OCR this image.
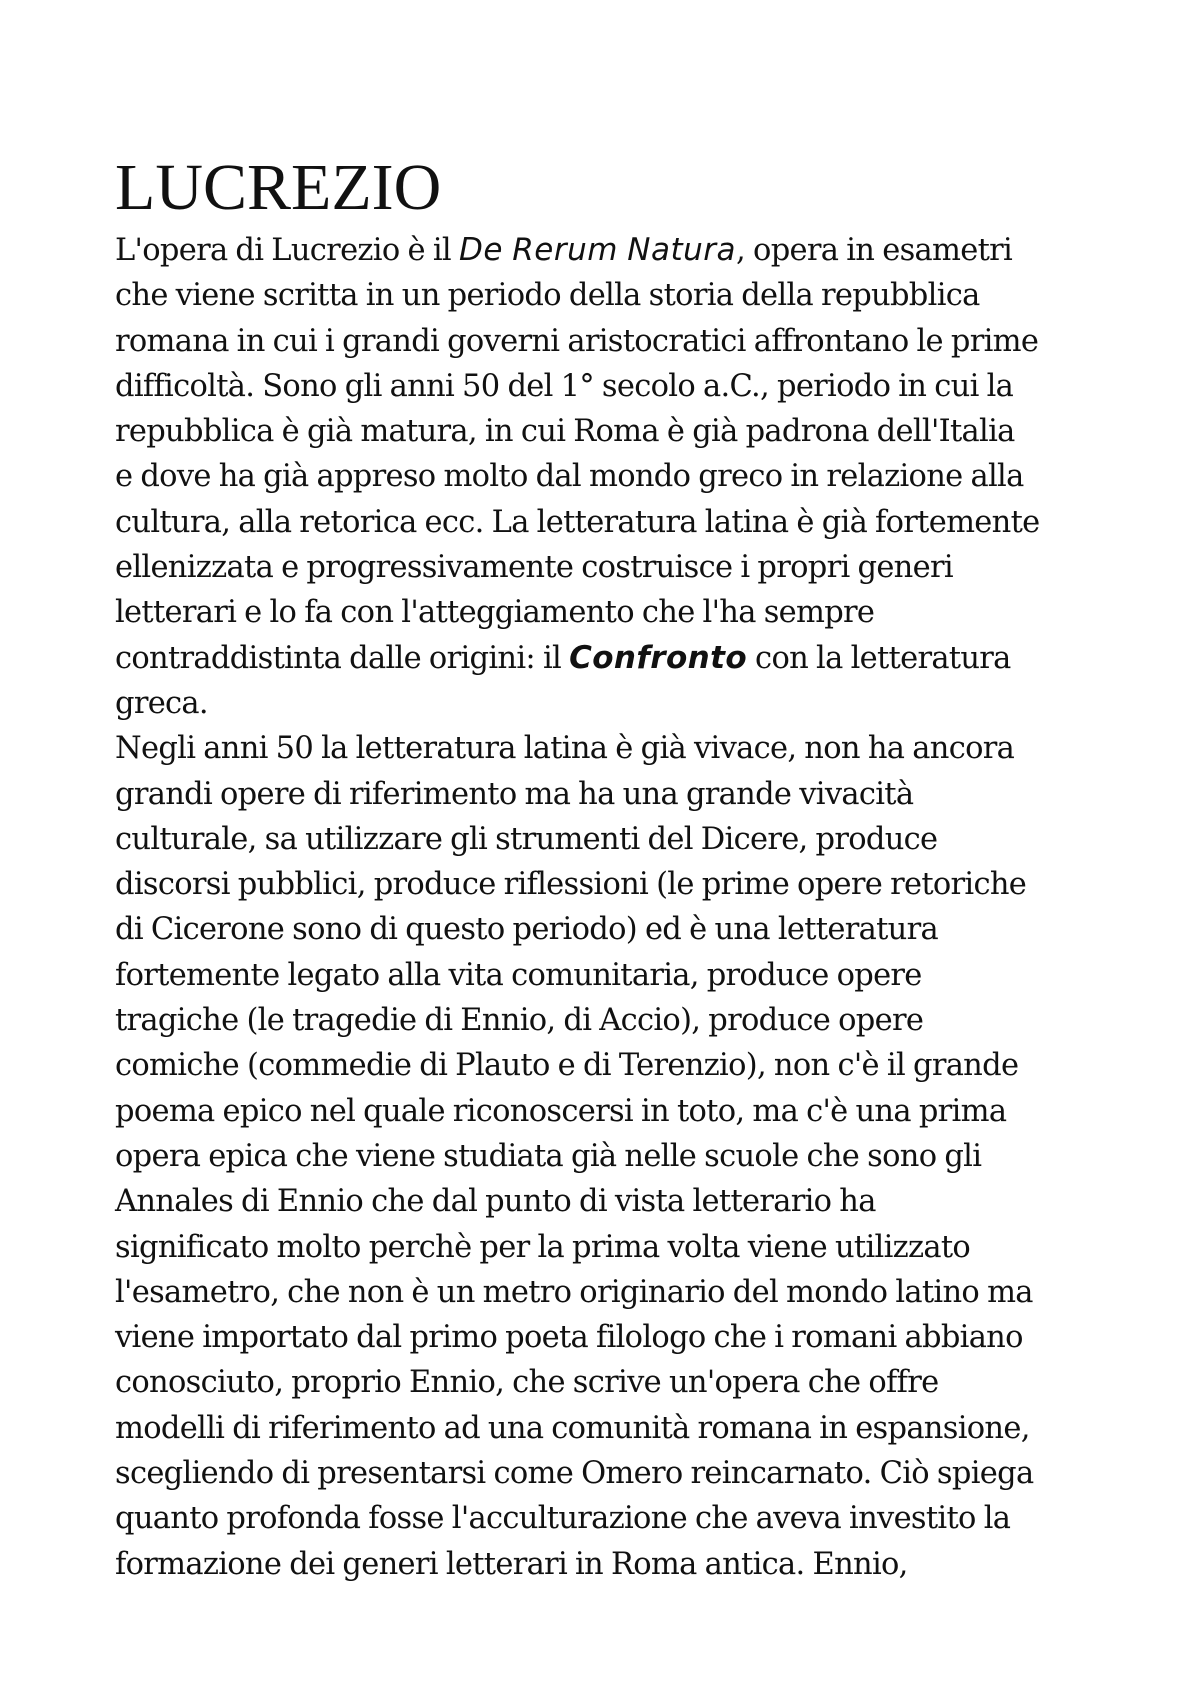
LUCREZIO
L'opera di Lucrezio è il De Rerum Natura, opera in esametri
che viene scritta in un periodo della storia della repubblica
romana in cui i grandi governi aristocratici affrontano le prime
difficoltà. Sono gli anni 50 del 1° secolo a.C., periodo in cui la
repubblica è già matura, in cui Roma è già padrona dell'Italia
e dove ha già appreso molto dal mondo greco in relazione alla
cultura, alla retorica ecc. La letteratura latina è già fortemente
ellenizzata e progressivamente costruisce i propri generi
letterari e lo fa con l'atteggiamento che l'ha sempre
contraddistinta dalle origini: il Confronto con la letteratura
greca.
Negli anni 50 la letteratura latina è già vivace, non ha ancora
grandi opere di riferimento ma ha una grande vivacità
culturale, sa utilizzare gli strumenti del Dicere, produce
discorsi pubblici, produce riflessioni (le prime opere retoriche
di Cicerone sono di questo periodo) ed è una letteratura
fortemente legato alla vita comunitaria, produce opere
tragiche (le tragedie di Ennio, di Accio), produce opere
comiche (commedie di Plauto e di Terenzio), non c'è il grande
poema epico nel quale riconoscersi in toto, ma c'è una prima
opera epica che viene studiata già nelle scuole che sono gli
Annales di Ennio che dal punto di vista letterario ha
significato molto perchè per la prima volta viene utilizzato
l'esametro, che non è un metro originario del mondo latino ma
viene importato dal primo poeta filologo che i romani abbiano
conosciuto, proprio Ennio, che scrive un'opera che offre
modelli di riferimento ad una comunità romana in espansione,
scegliendo di presentarsi come Omero reincarnato. Ciò spiega
quanto profonda fosse l'acculturazione che aveva investito la
formazione dei generi letterari in Roma antica. Ennio,
